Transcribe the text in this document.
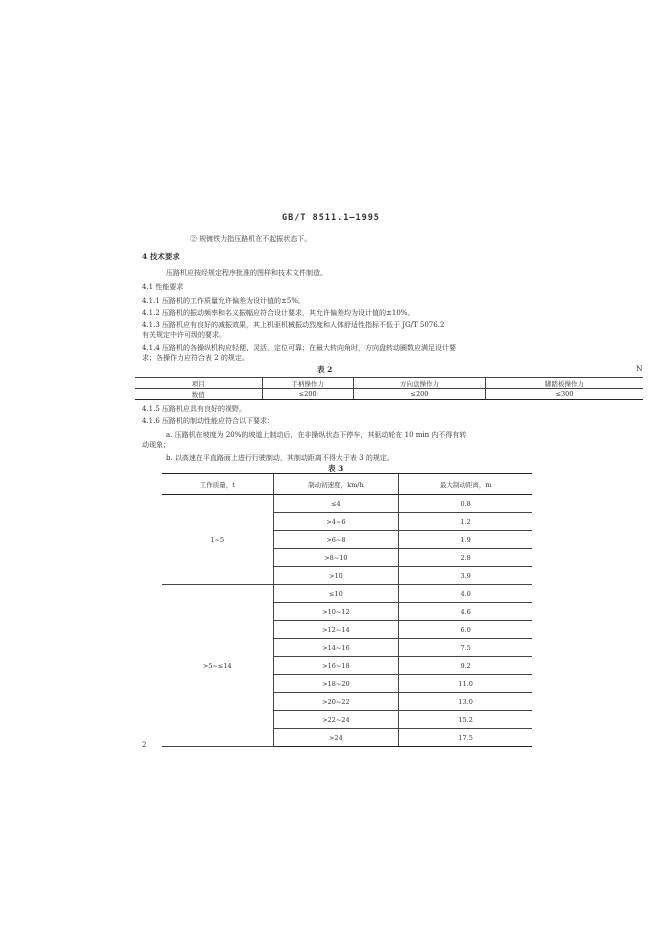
GB/T 8511.1—1995
② 规镀铁力指压路机在不起振状态下。
4 技术要求
压路机应按经规定程序批准的图样和技术文件制造。
4.1 性能要求
4.1.1 压路机的工作质量允许偏差为设计值的±5%。
4.1.2 压路机的振动频率和名义振幅应符合设计要求，其允许偏差均为设计值的±10%。
4.1.3 压路机应有良好的减振效果，其上机驱机械振动烈度和人体舒适性指标不低于 JG/T 5076.2
有关规定中许可级的要求。
4.1.4 压路机的各操纵机构应轻便、灵活，定位可靠；在最大转向角时，方向盘转动圈数应满足设计要
求；各操作力应符合表 2 的规定。
表 2	N
项目	手柄操作力	方向盘操作力	脚踏板操作力
数值	≤200	≤200	≤300
4.1.5 压路机应具有良好的视野。
4.1.6 压路机的制动性能应符合以下要求：
a. 压路机在坡度为 20%的坡道上制动后，在非操纵状态下停车，其驱动轮在 10 min 内不得有转
动现象；
b. 以高速在平直路面上进行行驶制动，其制动距离不得大于表 3 的规定。
表 3
工作质量，t	制动初速度，km/h	最大制动距离，m
1~5	≤4	0.8
	>4~6	1.2
	>6~8	1.9
	>8~10	2.8
	>10	3.9
>5~≤14	≤10	4.0
	>10~12	4.6
	>12~14	6.0
	>14~16	7.5
	>16~18	9.2
	>18~20	11.0
	>20~22	13.0
	>22~24	15.2
	>24	17.5
2
